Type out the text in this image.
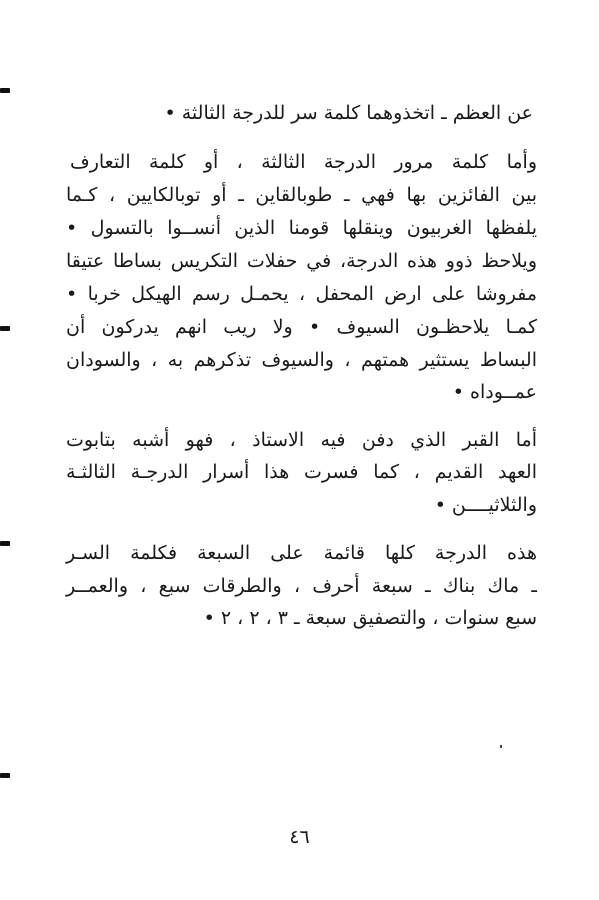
عن العظم ـ اتخذوهما كلمة سر للدرجة الثالثة •
وأما كلمة مرور الدرجة الثالثة ، أو كلمة التعارف
بين الفائزين بها فهي ـ طوبالقاين ـ أو توبالكايين ، كـما
يلفظها الغربيون وينقلها قومنا الذين أنســوا بالتسول •
ويلاحظ ذوو هذه الدرجة، في حفلات التكريس بساطا عتيقا
مفروشا على ارض المحفل ، يحمـل رسم الهيكل خربا •
كمـا يلاحظـون السيوف • ولا ريب انهم يدركون أن
البساط يستثير همتهم ، والسيوف تذكرهم به ، والسودان
عمــوداه •
أما القبر الذي دفن فيه الاستاذ ، فهو أشبه بتابوت
العهد القديم ، كما فسرت هذا أسرار الدرجـة الثالثـة
والثلاثيــــن •
هذه الدرجة كلها قائمة على السبعة فكلمة السـر
ـ ماك بناك ـ سبعة أحرف ، والطرقات سبع ، والعمــر
سبع سنوات ، والتصفيق سبعة ـ ٣ ، ٢ ، ٢ •
٤٦
